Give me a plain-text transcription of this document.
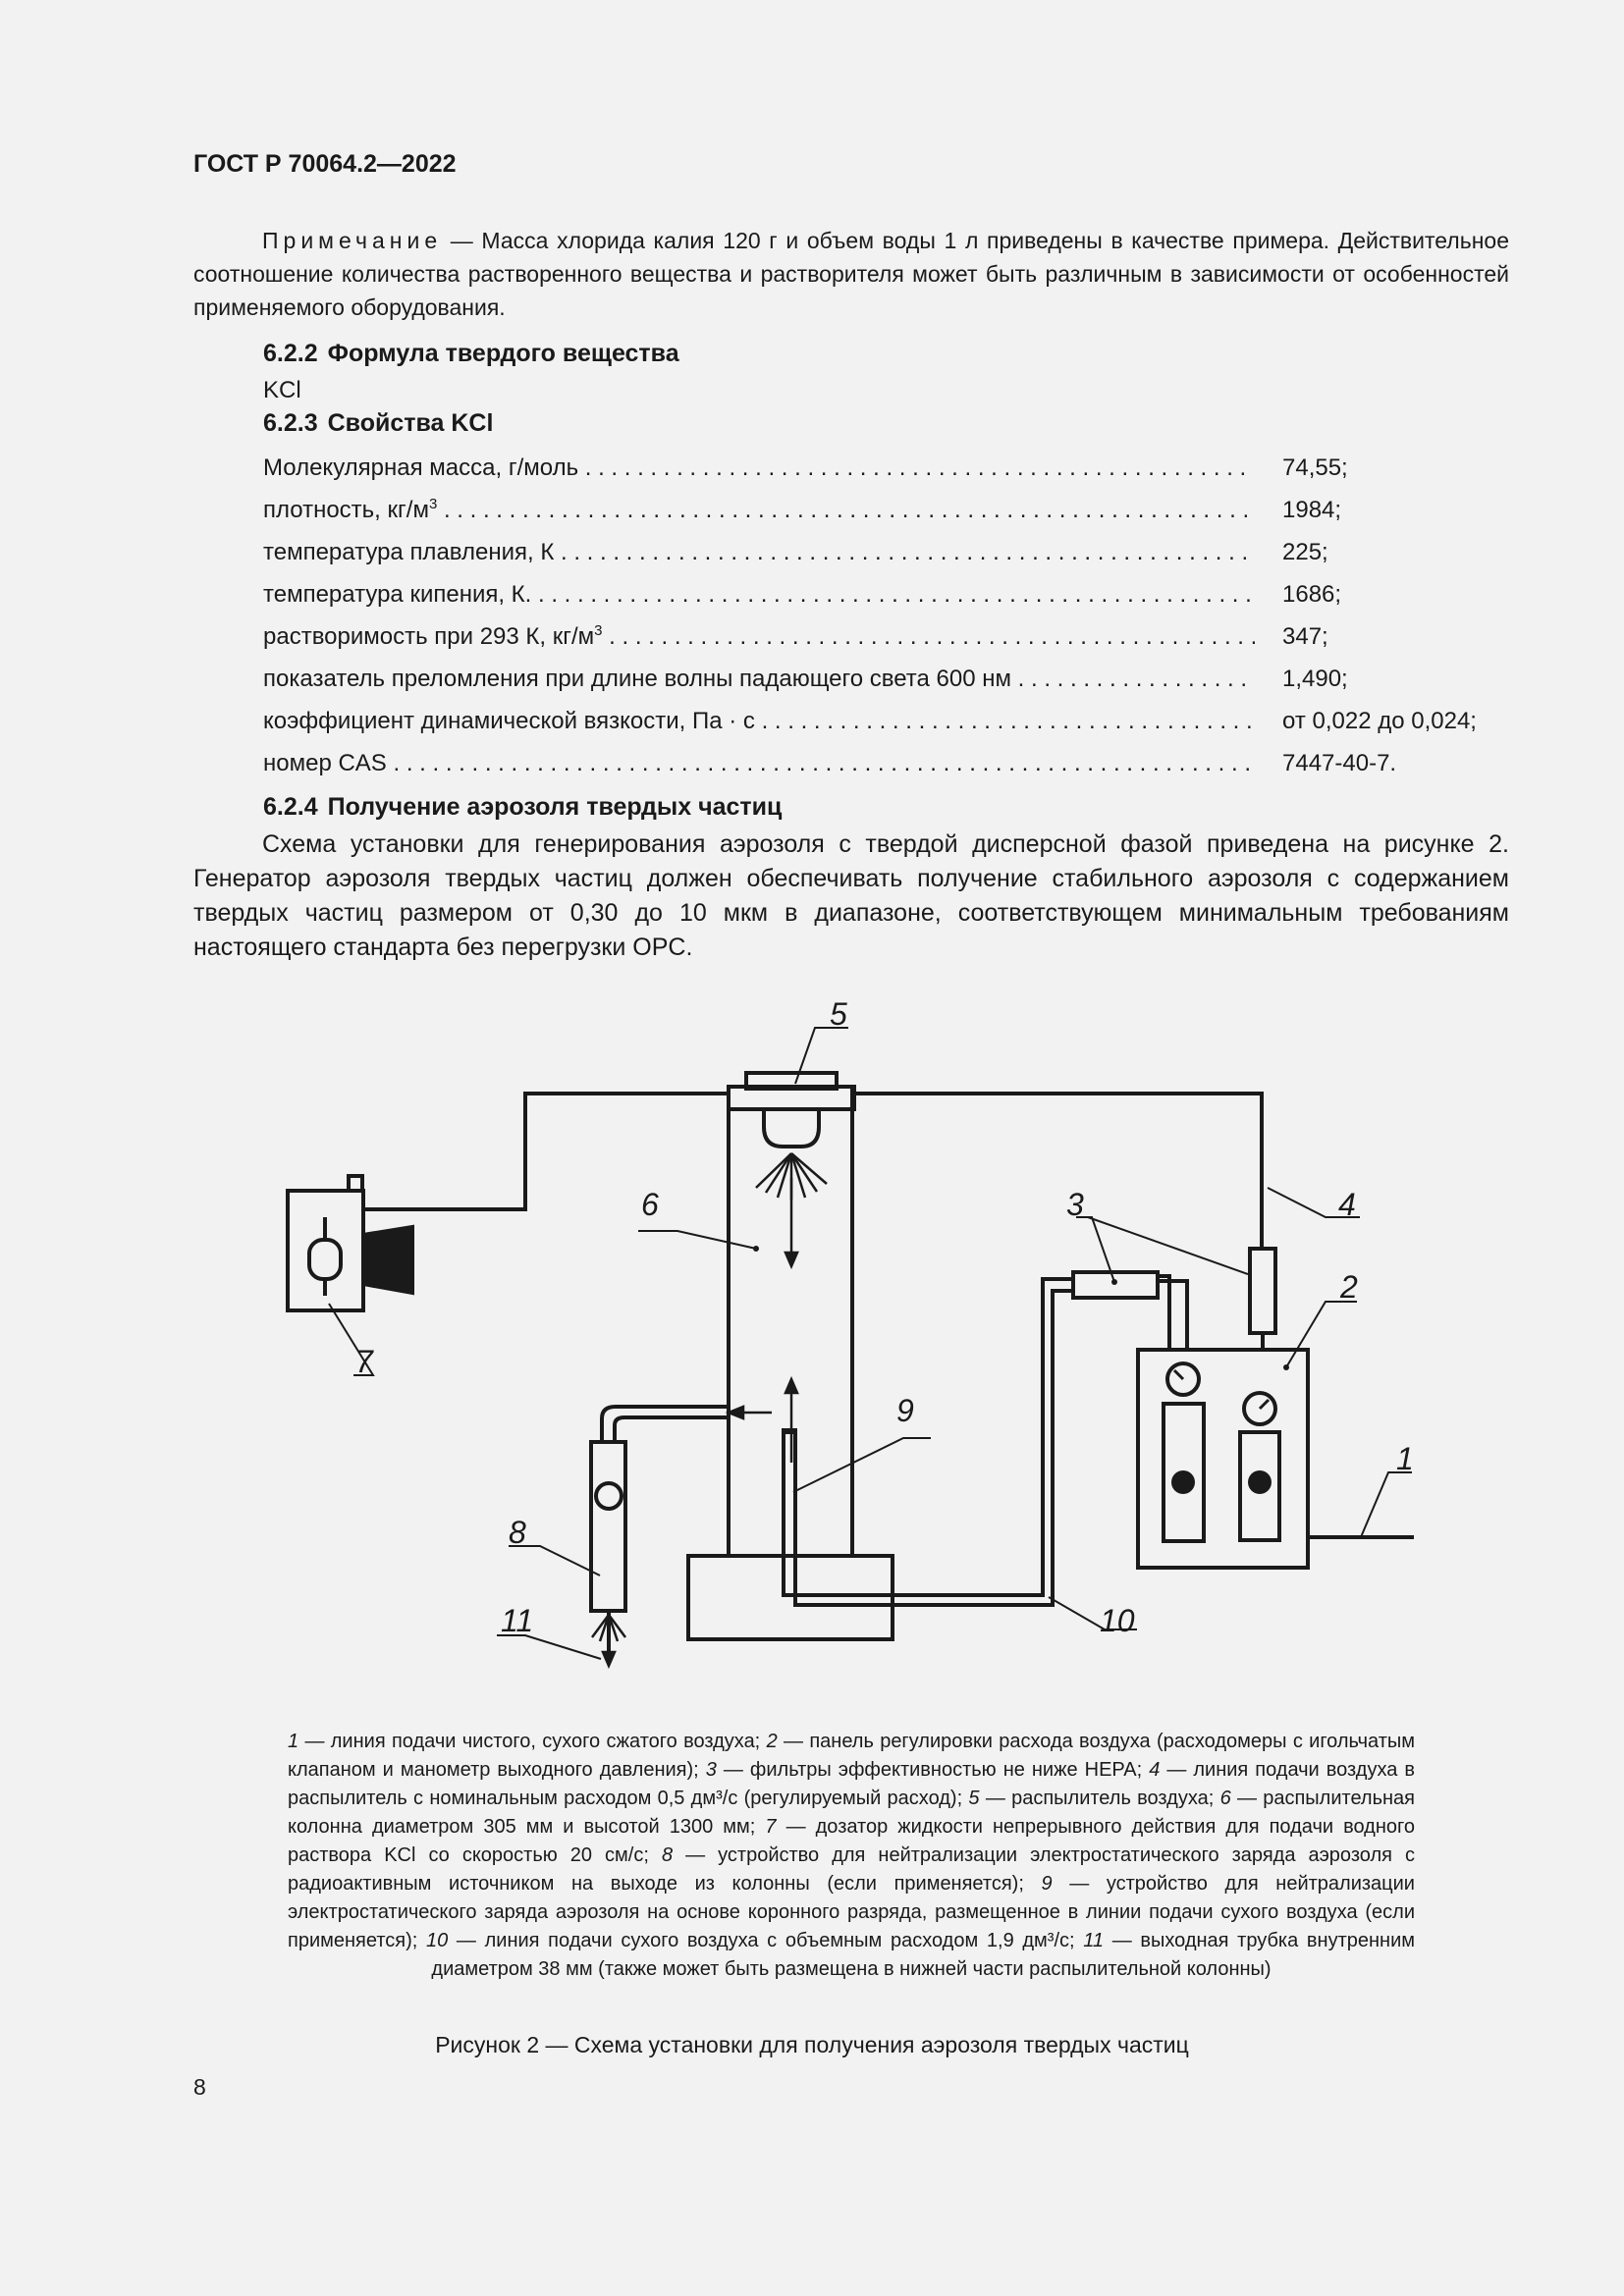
ГОСТ Р 70064.2—2022
Примечание — Масса хлорида калия 120 г и объем воды 1 л приведены в качестве примера. Действительное соотношение количества растворенного вещества и растворителя может быть различным в зависимости от особенностей применяемого оборудования.
6.2.2 Формула твердого вещества
KCl
6.2.3 Свойства KCl
Молекулярная масса, г/моль . . .	74,55;
плотность, $кг/м^3$ . . .	1984;
температура плавления, К . . .	225;
температура кипения, К. . . .	1686;
растворимость при 293 К, $кг/м^3$ . . .	347;
показатель преломления при длине волны падающего света 600 нм . . .	1,490;
коэффициент динамической вязкости, Па · с . . .	от 0,022 до 0,024;
номер CAS . . .	7447-40-7.
6.2.4 Получение аэрозоля твердых частиц
Схема установки для генерирования аэрозоля с твердой дисперсной фазой приведена на рисунке 2. Генератор аэрозоля твердых частиц должен обеспечивать получение стабильного аэрозоля с содержанием твердых частиц размером от 0,30 до 10 мкм в диапазоне, соответствующем минимальным требованиям настоящего стандарта без перегрузки OPC.
5
6	3	4
2
1
7
8
9
10
11
1 — линия подачи чистого, сухого сжатого воздуха; 2 — панель регулировки расхода воздуха (расходомеры с игольчатым клапаном и манометр выходного давления); 3 — фильтры эффективностью не ниже HEPA; 4 — линия подачи воздуха в распылитель с номинальным расходом 0,5 дм³/с (регулируемый расход); 5 — распылитель воздуха; 6 — распылительная колонна диаметром 305 мм и высотой 1300 мм; 7 — дозатор жидкости непрерывного действия для подачи водного раствора KCl со скоростью 20 см/с; 8 — устройство для нейтрализации электростатического заряда аэрозоля с радиоактивным источником на выходе из колонны (если применяется); 9 — устройство для нейтрализации электростатического заряда аэрозоля на основе коронного разряда, размещенное в линии подачи сухого воздуха (если применяется); 10 — линия подачи сухого воздуха с объемным расходом 1,9 дм³/с; 11 — выходная трубка внутренним диаметром 38 мм (также может быть размещена в нижней части распылительной колонны)
Рисунок 2 — Схема установки для получения аэрозоля твердых частиц
8
